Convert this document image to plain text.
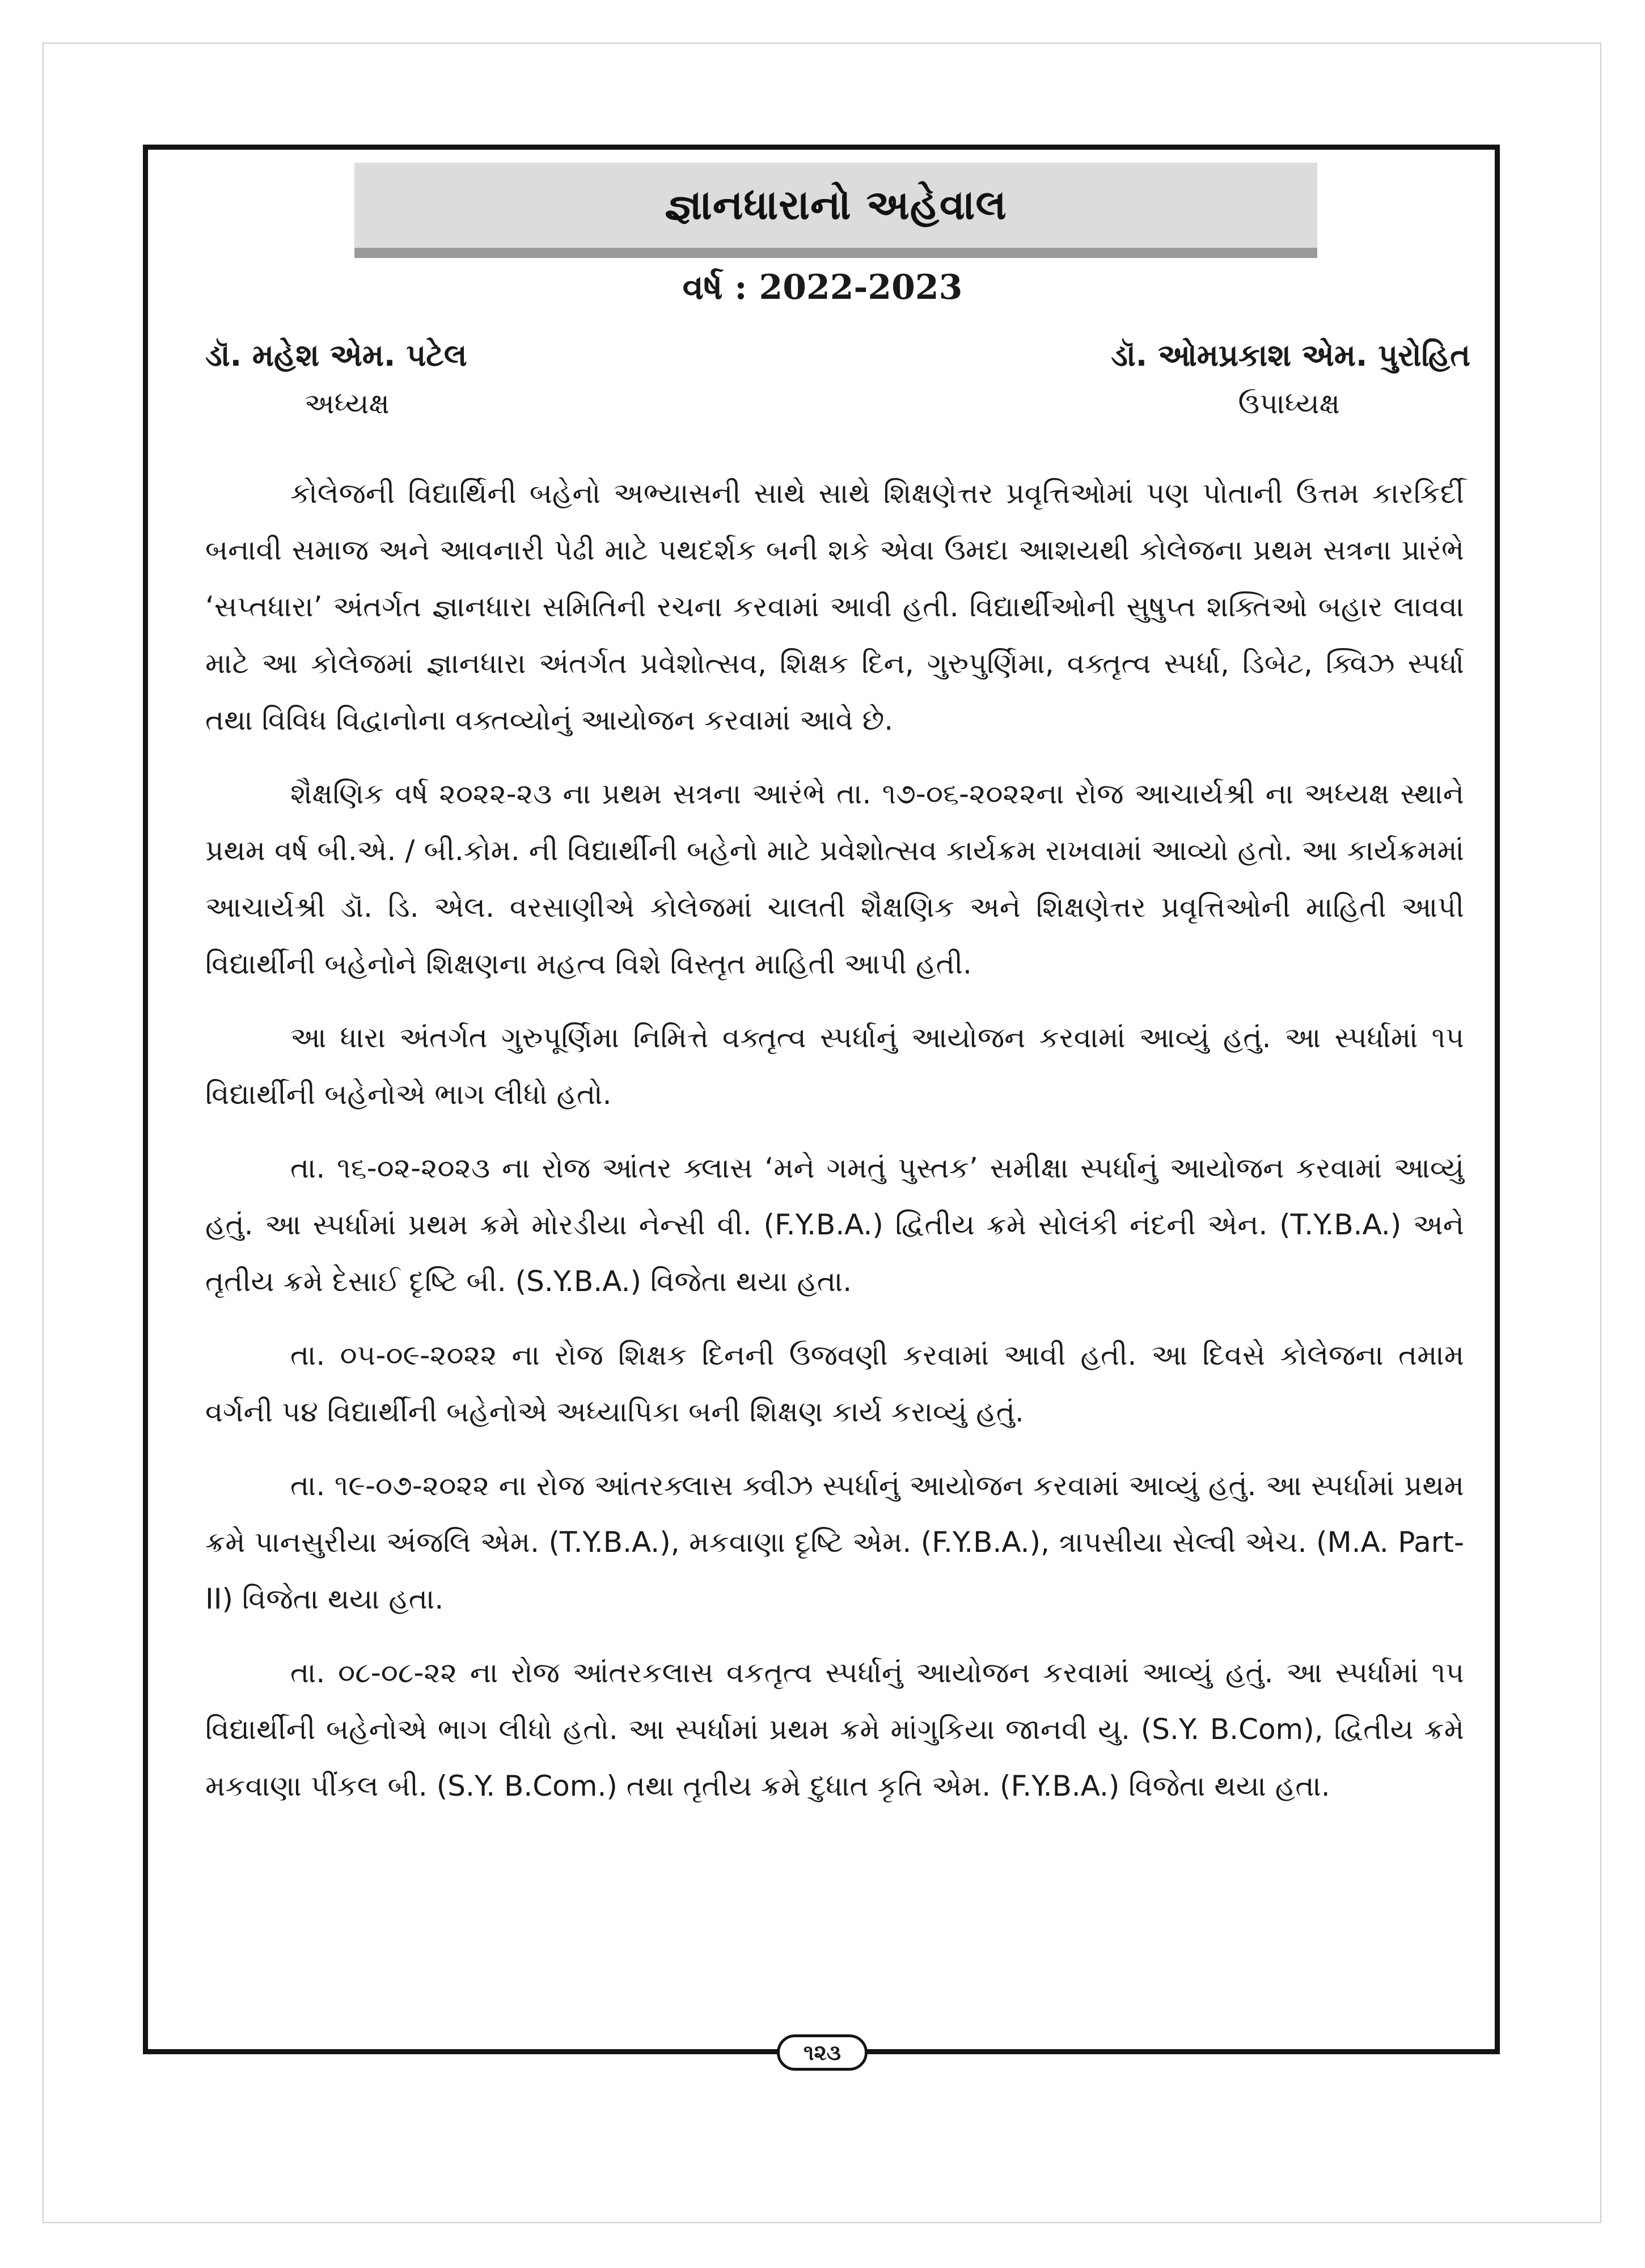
જ્ઞાનધારાનો અહેવાલ
વર્ષ : 2022-2023
ડૉ. મહેશ એમ. પટેલ
અધ્યક્ષ
ડૉ. ઓમપ્રકાશ એમ. પુરોહિત
ઉપાધ્યક્ષ

કોલેજની વિદ્યાર્થિની બહેનો અભ્યાસની સાથે સાથે શિક્ષણેત્તર પ્રવૃત્તિઓમાં પણ પોતાની ઉત્તમ કારકિર્દી બનાવી સમાજ અને આવનારી પેઢી માટે પથદર્શક બની શકે એવા ઉમદા આશયથી કોલેજના પ્રથમ સત્રના પ્રારંભે ‘સપ્તધારા’ અંતર્ગત જ્ઞાનધારા સમિતિની રચના કરવામાં આવી હતી. વિદ્યાર્થીઓની સુષુપ્ત શક્તિઓ બહાર લાવવા માટે આ કોલેજમાં જ્ઞાનધારા અંતર્ગત પ્રવેશોત્સવ, શિક્ષક દિન, ગુરુપુર્ણિમા, વક્તૃત્વ સ્પર્ધા, ડિબેટ, ક્વિઝ સ્પર્ધા તથા વિવિધ વિદ્વાનોના વક્તવ્યોનું આયોજન કરવામાં આવે છે.

શૈક્ષણિક વર્ષ ૨૦૨૨-૨૩ ના પ્રથમ સત્રના આરંભે તા. ૧૭-૦૬-૨૦૨૨ના રોજ આચાર્યશ્રી ના અધ્યક્ષ સ્થાને પ્રથમ વર્ષ બી.એ. / બી.કોમ. ની વિદ્યાર્થીની બહેનો માટે પ્રવેશોત્સવ કાર્યક્રમ રાખવામાં આવ્યો હતો. આ કાર્યક્રમમાં આચાર્યશ્રી ડૉ. ડિ. એલ. વરસાણીએ કોલેજમાં ચાલતી શૈક્ષણિક અને શિક્ષણેત્તર પ્રવૃત્તિઓની માહિતી આપી વિદ્યાર્થીની બહેનોને શિક્ષણના મહત્વ વિશે વિસ્તૃત માહિતી આપી હતી.

આ ધારા અંતર્ગત ગુરુપૂર્ણિમા નિમિત્તે વક્તૃત્વ સ્પર્ધાનું આયોજન કરવામાં આવ્યું હતું. આ સ્પર્ધામાં ૧૫ વિદ્યાર્થીની બહેનોએ ભાગ લીધો હતો.

તા. ૧૬-૦૨-૨૦૨૩ ના રોજ આંતર ક્લાસ ‘મને ગમતું પુસ્તક’ સમીક્ષા સ્પર્ધાનું આયોજન કરવામાં આવ્યું હતું. આ સ્પર્ધામાં પ્રથમ ક્રમે મોરડીયા નેન્સી વી. (F.Y.B.A.) દ્વિતીય ક્રમે સોલંકી નંદની એન. (T.Y.B.A.) અને તૃતીય ક્રમે દેસાઈ દૃષ્ટિ બી. (S.Y.B.A.) વિજેતા થયા હતા.

તા. ૦૫-૦૯-૨૦૨૨ ના રોજ શિક્ષક દિનની ઉજવણી કરવામાં આવી હતી. આ દિવસે કોલેજના તમામ વર્ગની ૫૪ વિદ્યાર્થીની બહેનોએ અધ્યાપિકા બની શિક્ષણ કાર્ય કરાવ્યું હતું.

તા. ૧૯-૦૭-૨૦૨૨ ના રોજ આંતરક્લાસ ક્વીઝ સ્પર્ધાનું આયોજન કરવામાં આવ્યું હતું. આ સ્પર્ધામાં પ્રથમ ક્રમે પાનસુરીયા અંજલિ એમ. (T.Y.B.A.), મકવાણા દૃષ્ટિ એમ. (F.Y.B.A.), ત્રાપસીયા સેલ્વી એચ. (M.A. Part-II) વિજેતા થયા હતા.

તા. ૦૮-૦૮-૨૨ ના રોજ આંતરકલાસ વકતૃત્વ સ્પર્ધાનું આયોજન કરવામાં આવ્યું હતું. આ સ્પર્ધામાં ૧૫ વિદ્યાર્થીની બહેનોએ ભાગ લીધો હતો. આ સ્પર્ધામાં પ્રથમ ક્રમે માંગુકિયા જાનવી યુ. (S.Y. B.Com), દ્વિતીય ક્રમે મકવાણા પીંકલ બી. (S.Y. B.Com.) તથા તૃતીય ક્રમે દુધાત કૃતિ એમ. (F.Y.B.A.) વિજેતા થયા હતા.

૧૨૩
